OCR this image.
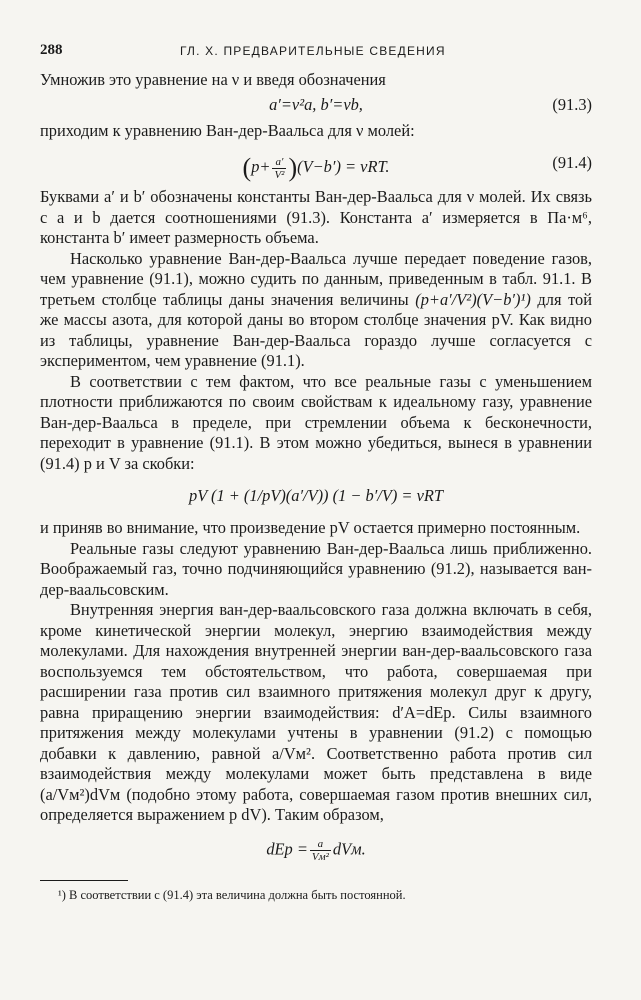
288	ГЛ. X. ПРЕДВАРИТЕЛЬНЫЕ СВЕДЕНИЯ

Умножив это уравнение на ν и введя обозначения

a′=ν²a, b′=νb,	(91.3)

приходим к уравнению Ван-дер-Ваальса для ν молей:

$(p+ \frac{a'}{\text{V²}} )(V-b') = \nu RT$.	(91.4)

Буквами a′ и b′ обозначены константы Ван-дер-Ваальса для ν молей. Их связь с a и b дается соотношениями (91.3). Константа a′ измеряется в Па·м⁶, константа b′ имеет размерность объема.

Насколько уравнение Ван-дер-Ваальса лучше передает поведение газов, чем уравнение (91.1), можно судить по данным, приведенным в табл. 91.1. В третьем столбце таблицы даны значения величины (p+a′/V²)(V−b′)¹) для той же массы азота, для которой даны во втором столбце значения pV. Как видно из таблицы, уравнение Ван-дер-Ваальса гораздо лучше согласуется с экспериментом, чем уравнение (91.1).

В соответствии с тем фактом, что все реальные газы с уменьшением плотности приближаются по своим свойствам к идеальному газу, уравнение Ван-дер-Ваальса в пределе, при стремлении объема к бесконечности, переходит в уравнение (91.1). В этом можно убедиться, вынеся в уравнении (91.4) p и V за скобки:

pV (1 + (1/pV)(a′/V)) (1 − b′/V) = νRT

и приняв во внимание, что произведение pV остается примерно постоянным.

Реальные газы следуют уравнению Ван-дер-Ваальса лишь приближенно. Воображаемый газ, точно подчиняющийся уравнению (91.2), называется ван-дер-ваальсовским.

Внутренняя энергия ван-дер-ваальсовского газа должна включать в себя, кроме кинетической энергии молекул, энергию взаимодействия между молекулами. Для нахождения внутренней энергии ван-дер-ваальсовского газа воспользуемся тем обстоятельством, что работа, совершаемая при расширении газа против сил взаимного притяжения молекул друг к другу, равна приращению энергии взаимодействия: d′A=dEp. Силы взаимного притяжения между молекулами учтены в уравнении (91.2) с помощью добавки к давлению, равной a/Vм². Соответственно работа против сил взаимодействия между молекулами может быть представлена в виде (a/Vм²)dVм (подобно этому работа, совершаемая газом против внешних сил, определяется выражением p dV). Таким образом,

dEp = $\frac{a}{\text{Vм²}}$ dVм.
¹) В соответствии с (91.4) эта величина должна быть постоянной.
